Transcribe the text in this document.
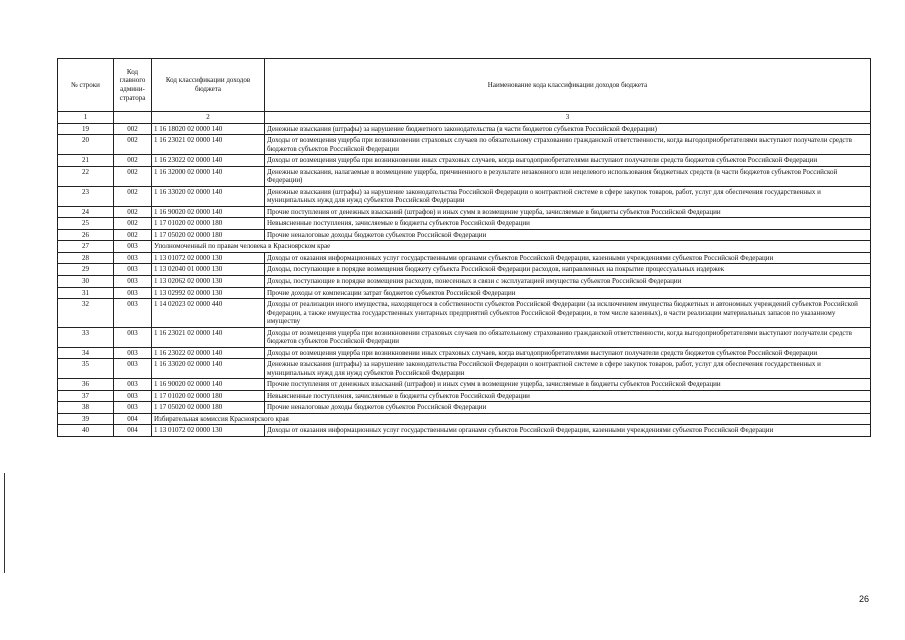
№ строки	Код главного админи-стратора	Код классификации доходов бюджета	Наименование кода классификации доходов бюджета
1		2	3
19	002	1 16 18020 02 0000 140	Денежные взыскания (штрафы) за нарушение бюджетного законодательства (в части бюджетов субъектов Российской Федерации)
20	002	1 16 23021 02 0000 140	Доходы от возмещения ущерба при возникновении страховых случаев по обязательному страхованию гражданской ответственности, когда выгодоприобретателями выступают получатели средств бюджетов субъектов Российской Федерации
21	002	1 16 23022 02 0000 140	Доходы от возмещения ущерба при возникновении иных страховых случаев, когда выгодоприобретателями выступают получатели средств бюджетов субъектов Российской Федерации
22	002	1 16 32000 02 0000 140	Денежные взыскания, налагаемые в возмещение ущерба, причиненного в результате незаконного или нецелевого использования бюджетных средств (в части бюджетов субъектов Российской Федерации)
23	002	1 16 33020 02 0000 140	Денежные взыскания (штрафы) за нарушение законодательства Российской Федерации о контрактной системе в сфере закупок товаров, работ, услуг для обеспечения государственных и муниципальных нужд для нужд субъектов Российской Федерации
24	002	1 16 90020 02 0000 140	Прочие поступления от денежных взысканий (штрафов) и иных сумм в возмещение ущерба, зачисляемые в бюджеты субъектов Российской Федерации
25	002	1 17 01020 02 0000 180	Невыясненные поступления, зачисляемые в бюджеты субъектов Российской Федерации
26	002	1 17 05020 02 0000 180	Прочие неналоговые доходы бюджетов субъектов Российской Федерации
27	003	Уполномоченный по правам человека в Красноярском крае	
28	003	1 13 01072 02 0000 130	Доходы от оказания информационных услуг государственными органами субъектов Российской Федерации, казенными учреждениями субъектов Российской Федерации
29	003	1 13 02040 01 0000 130	Доходы, поступающие в порядке возмещения бюджету субъекта Российской Федерации расходов, направленных на покрытие процессуальных издержек
30	003	1 13 02062 02 0000 130	Доходы, поступающие в порядке возмещения расходов, понесенных в связи с эксплуатацией имущества субъектов Российской Федерации
31	003	1 13 02992 02 0000 130	Прочие доходы от компенсации затрат бюджетов субъектов Российской Федерации
32	003	1 14 02023 02 0000 440	Доходы от реализации иного имущества, находящегося в собственности субъектов Российской Федерации (за исключением имущества бюджетных и автономных учреждений субъектов Российской Федерации, а также имущества государственных унитарных предприятий субъектов Российской Федерации, в том числе казенных), в части реализации материальных запасов по указанному имуществу
33	003	1 16 23021 02 0000 140	Доходы от возмещения ущерба при возникновении страховых случаев по обязательному страхованию гражданской ответственности, когда выгодоприобретателями выступают получатели средств бюджетов субъектов Российской Федерации
34	003	1 16 23022 02 0000 140	Доходы от возмещения ущерба при возникновении иных страховых случаев, когда выгодоприобретателями выступают получатели средств бюджетов субъектов Российской Федерации
35	003	1 16 33020 02 0000 140	Денежные взыскания (штрафы) за нарушение законодательства Российской Федерации о контрактной системе в сфере закупок товаров, работ, услуг для обеспечения государственных и муниципальных нужд для нужд субъектов Российской Федерации
36	003	1 16 90020 02 0000 140	Прочие поступления от денежных взысканий (штрафов) и иных сумм в возмещение ущерба, зачисляемые в бюджеты субъектов Российской Федерации
37	003	1 17 01020 02 0000 180	Невыясненные поступления, зачисляемые в бюджеты субъектов Российской Федерации
38	003	1 17 05020 02 0000 180	Прочие неналоговые доходы бюджетов субъектов Российской Федерации
39	004	Избирательная комиссия Красноярского края	
40	004	1 13 01072 02 0000 130	Доходы от оказания информационных услуг государственными органами субъектов Российской Федерации, казенными учреждениями субъектов Российской Федерации
26
